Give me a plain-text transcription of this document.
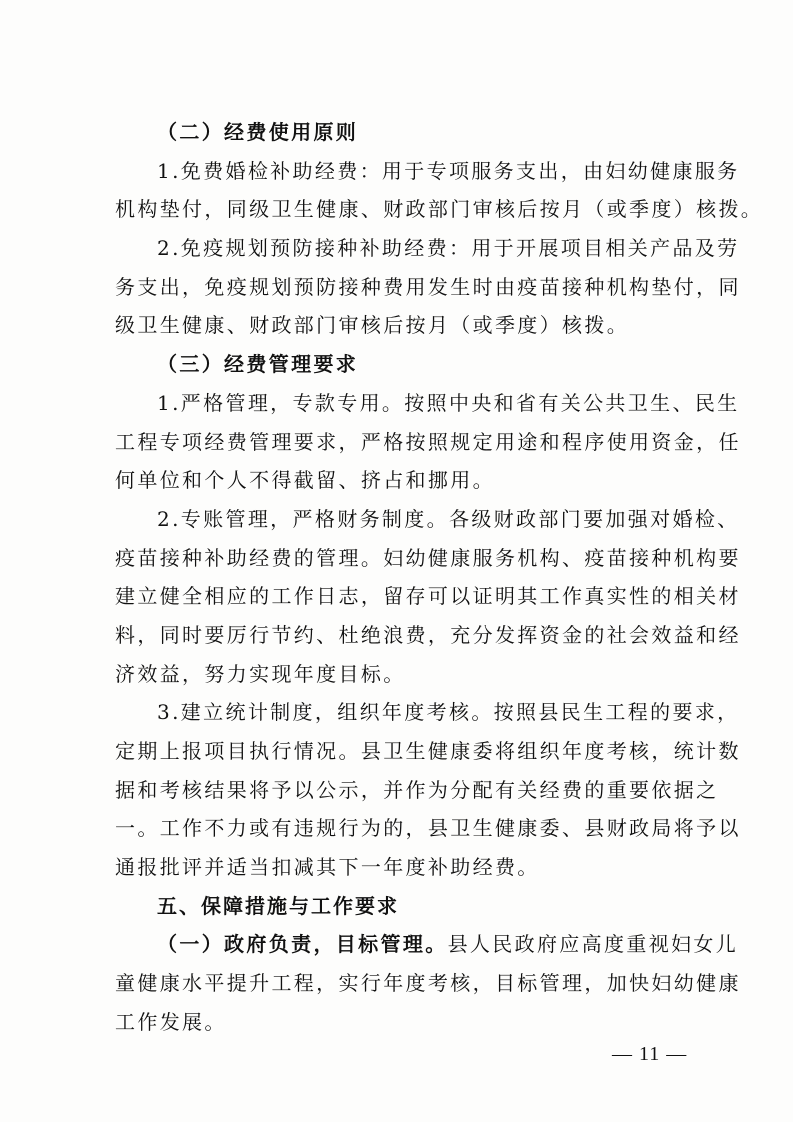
（二）经费使用原则
1.免费婚检补助经费：用于专项服务支出，由妇幼健康服务
机构垫付，同级卫生健康、财政部门审核后按月（或季度）核拨。
2.免疫规划预防接种补助经费：用于开展项目相关产品及劳
务支出，免疫规划预防接种费用发生时由疫苗接种机构垫付，同
级卫生健康、财政部门审核后按月（或季度）核拨。
（三）经费管理要求
1.严格管理，专款专用。按照中央和省有关公共卫生、民生
工程专项经费管理要求，严格按照规定用途和程序使用资金，任
何单位和个人不得截留、挤占和挪用。
2.专账管理，严格财务制度。各级财政部门要加强对婚检、
疫苗接种补助经费的管理。妇幼健康服务机构、疫苗接种机构要
建立健全相应的工作日志，留存可以证明其工作真实性的相关材
料，同时要厉行节约、杜绝浪费，充分发挥资金的社会效益和经
济效益，努力实现年度目标。
3.建立统计制度，组织年度考核。按照县民生工程的要求，
定期上报项目执行情况。县卫生健康委将组织年度考核，统计数
据和考核结果将予以公示，并作为分配有关经费的重要依据之
一。工作不力或有违规行为的，县卫生健康委、县财政局将予以
通报批评并适当扣减其下一年度补助经费。
五、保障措施与工作要求
（一）政府负责，目标管理。县人民政府应高度重视妇女儿
童健康水平提升工程，实行年度考核，目标管理，加快妇幼健康
工作发展。
— 11 —
